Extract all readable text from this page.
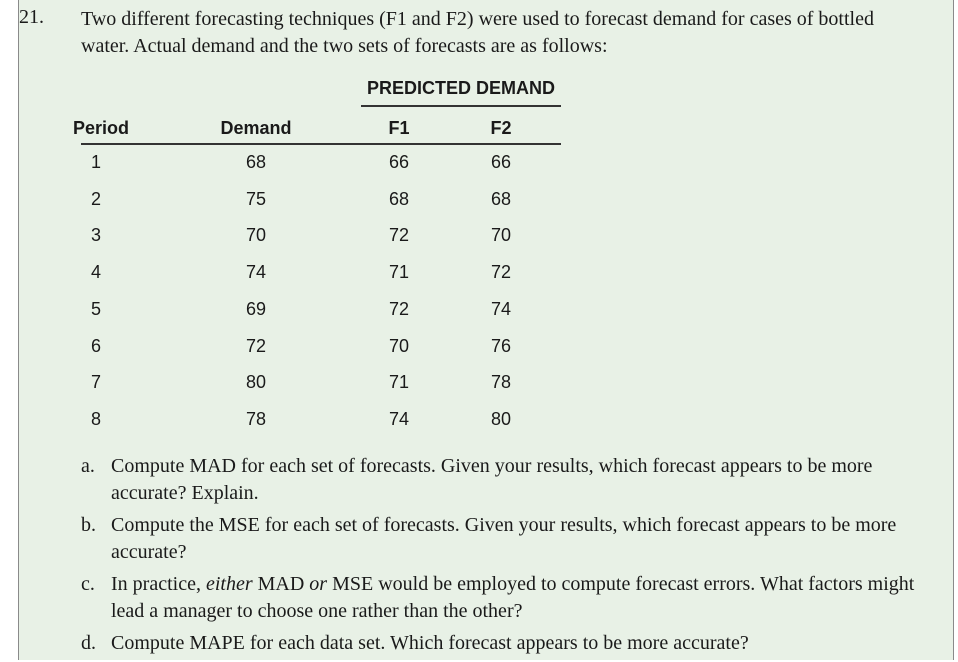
21. Two different forecasting techniques (F1 and F2) were used to forecast demand for cases of bottled water. Actual demand and the two sets of forecasts are as follows:
PREDICTED DEMAND
Period	Demand	F1	F2
1	68	66	66
2	75	68	68
3	70	72	70
4	74	71	72
5	69	72	74
6	72	70	76
7	80	71	78
8	78	74	80
a. Compute MAD for each set of forecasts. Given your results, which forecast appears to be more accurate? Explain.
b. Compute the MSE for each set of forecasts. Given your results, which forecast appears to be more accurate?
c. In practice, either MAD or MSE would be employed to compute forecast errors. What factors might lead a manager to choose one rather than the other?
d. Compute MAPE for each data set. Which forecast appears to be more accurate?
